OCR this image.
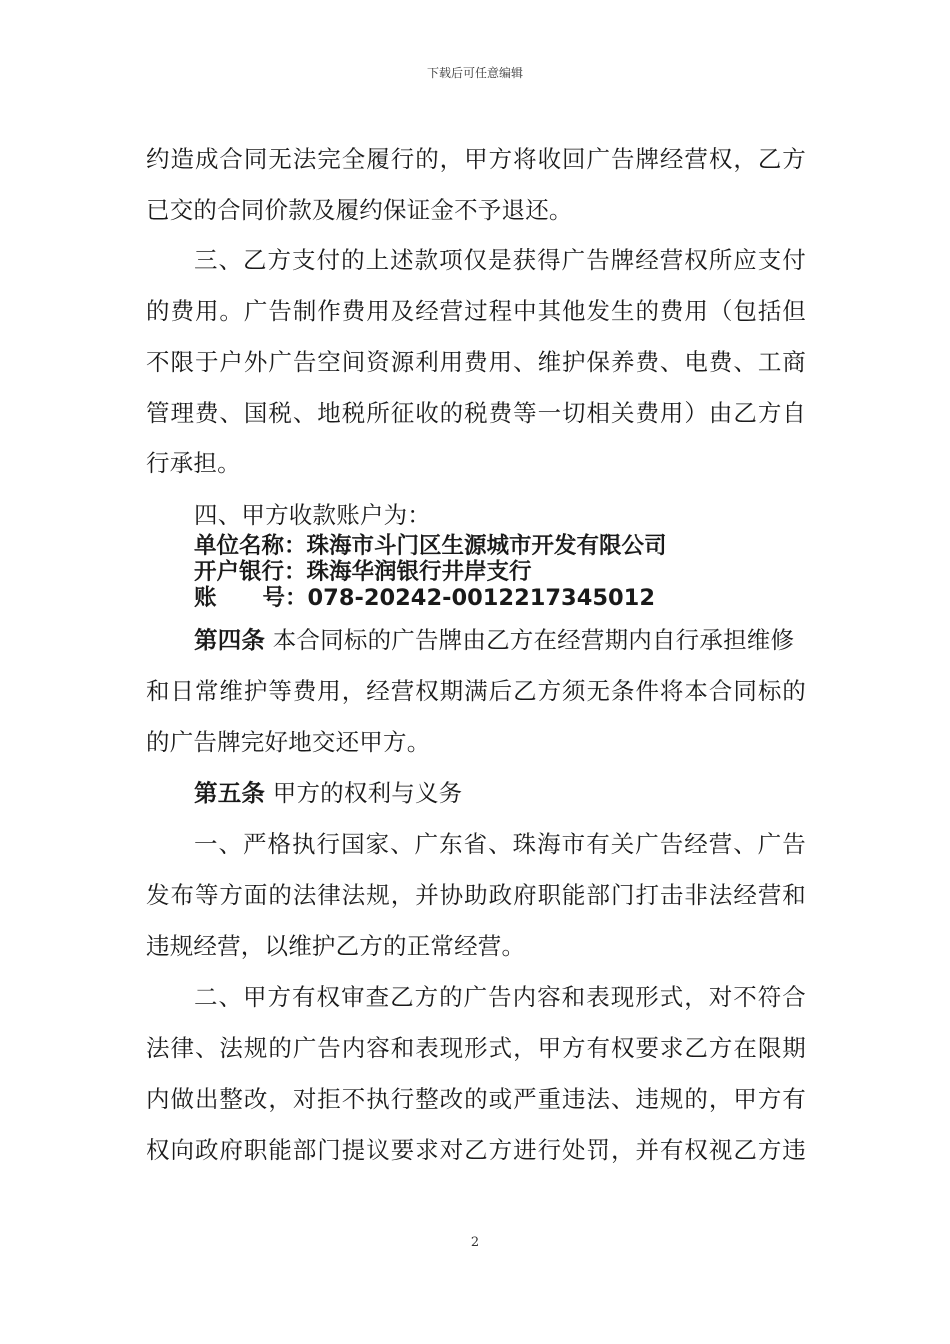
下载后可任意编辑
约造成合同无法完全履行的，甲方将收回广告牌经营权，乙方
已交的合同价款及履约保证金不予退还。
三、乙方支付的上述款项仅是获得广告牌经营权所应支付
的费用。广告制作费用及经营过程中其他发生的费用（包括但
不限于户外广告空间资源利用费用、维护保养费、电费、工商
管理费、国税、地税所征收的税费等一切相关费用）由乙方自
行承担。
四、甲方收款账户为：
单位名称：珠海市斗门区生源城市开发有限公司
开户银行：珠海华润银行井岸支行
账 号：078-20242-0012217345012
第四条 本合同标的广告牌由乙方在经营期内自行承担维修
和日常维护等费用，经营权期满后乙方须无条件将本合同标的
的广告牌完好地交还甲方。
第五条 甲方的权利与义务
一、严格执行国家、广东省、珠海市有关广告经营、广告
发布等方面的法律法规，并协助政府职能部门打击非法经营和
违规经营，以维护乙方的正常经营。
二、甲方有权审查乙方的广告内容和表现形式，对不符合
法律、法规的广告内容和表现形式，甲方有权要求乙方在限期
内做出整改，对拒不执行整改的或严重违法、违规的，甲方有
权向政府职能部门提议要求对乙方进行处罚，并有权视乙方违
2
